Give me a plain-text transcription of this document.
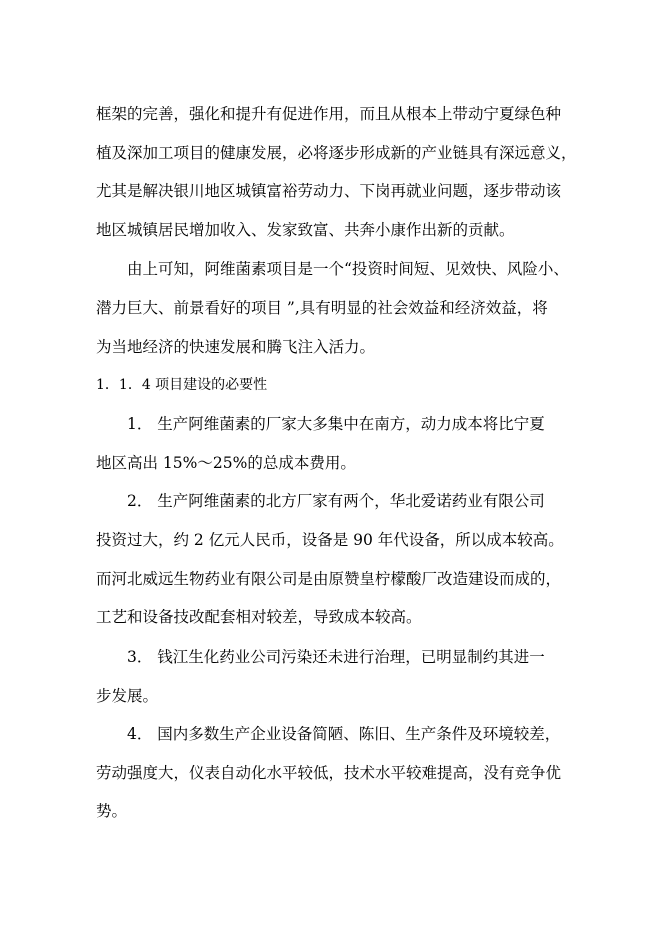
框架的完善，强化和提升有促进作用，而且从根本上带动宁夏绿色种
植及深加工项目的健康发展，必将逐步形成新的产业链具有深远意义，
尤其是解决银川地区城镇富裕劳动力、下岗再就业问题，逐步带动该
地区城镇居民增加收入、发家致富、共奔小康作出新的贡献。
由上可知，阿维菌素项目是一个“投资时间短、见效快、风险小、
潜力巨大、前景看好的项目 ”,具有明显的社会效益和经济效益，将
为当地经济的快速发展和腾飞注入活力。
1．1．4 项目建设的必要性
1． 生产阿维菌素的厂家大多集中在南方，动力成本将比宁夏
地区高出 15%～25%的总成本费用。
2． 生产阿维菌素的北方厂家有两个，华北爱诺药业有限公司
投资过大，约 2 亿元人民币，设备是 90 年代设备，所以成本较高。
而河北威远生物药业有限公司是由原赞皇柠檬酸厂改造建设而成的，
工艺和设备技改配套相对较差，导致成本较高。
3． 钱江生化药业公司污染还未进行治理，已明显制约其进一
步发展。
4． 国内多数生产企业设备简陋、陈旧、生产条件及环境较差，
劳动强度大，仪表自动化水平较低，技术水平较难提高，没有竞争优
势。
